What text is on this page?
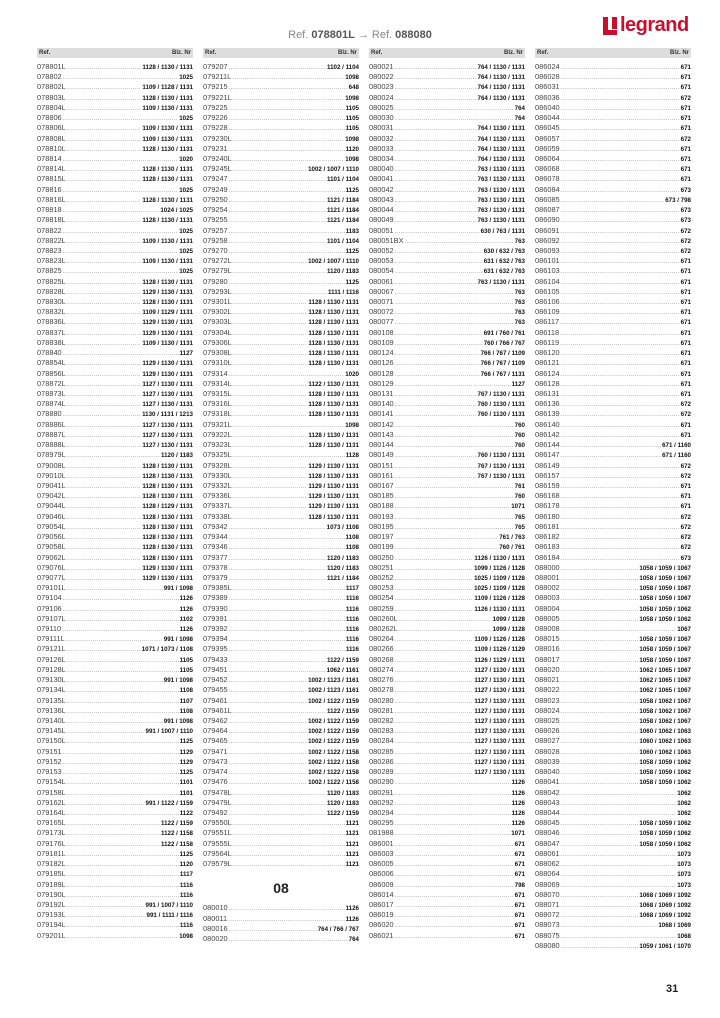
legrand
Ref. 078801L → Ref. 088080
Ref.	Blz. Nr
078801L .....	1128 / 1130 / 1131
078802 .....	1025
078802L .....	1109 / 1128 / 1131
078803L .....	1128 / 1130 / 1131
078804L .....	1109 / 1130 / 1131
078806 .....	1025
078806L .....	1109 / 1130 / 1131
078808L .....	1109 / 1130 / 1131
078810L .....	1128 / 1130 / 1131
078814 .....	1020
078814L .....	1128 / 1130 / 1131
078815L .....	1128 / 1130 / 1131
078816 .....	1025
078816L .....	1128 / 1130 / 1131
078818 .....	1024 / 1025
078818L .....	1128 / 1130 / 1131
078822 .....	1025
078822L .....	1109 / 1130 / 1131
078823 .....	1025
078823L .....	1109 / 1130 / 1131
078825 .....	1025
078825L .....	1128 / 1130 / 1131
078828L .....	1129 / 1130 / 1131
078830L .....	1128 / 1130 / 1131
078832L .....	1109 / 1129 / 1131
078836L .....	1129 / 1130 / 1131
078837L .....	1129 / 1130 / 1131
078838L .....	1109 / 1130 / 1131
078840 .....	1127
078854L .....	1129 / 1130 / 1131
078856L .....	1129 / 1130 / 1131
078872L .....	1127 / 1130 / 1131
078873L .....	1127 / 1130 / 1131
078874L .....	1127 / 1130 / 1131
078880 .....	1130 / 1131 / 1213
078886L .....	1127 / 1130 / 1131
078887L .....	1127 / 1130 / 1131
078888L .....	1127 / 1130 / 1131
078979L .....	1120 / 1183
079008L .....	1128 / 1130 / 1131
079010L .....	1128 / 1130 / 1131
079041L .....	1128 / 1130 / 1131
079042L .....	1128 / 1130 / 1131
079044L .....	1128 / 1129 / 1131
079046L .....	1128 / 1130 / 1131
079054L .....	1128 / 1130 / 1131
079056L .....	1128 / 1130 / 1131
079058L .....	1128 / 1130 / 1131
079062L .....	1128 / 1130 / 1131
079076L .....	1129 / 1130 / 1131
079077L .....	1129 / 1130 / 1131
079101L .....	991 / 1098
079104 .....	1126
079106 .....	1126
079107L .....	1102
079110 .....	1126
079111L .....	991 / 1098
079121L .....	1071 / 1073 / 1108
079126L .....	1105
079128L .....	1105
079130L .....	991 / 1098
079134L .....	1108
079135L .....	1107
079136L .....	1108
079140L .....	991 / 1098
079145L .....	991 / 1007 / 1110
079150L .....	1125
079151 .....	1129
079152 .....	1129
079153 .....	1125
079154L .....	1101
079158L .....	1101
079162L .....	991 / 1122 / 1159
079164L .....	1122
079165L .....	1122 / 1159
079173L .....	1122 / 1158
079176L .....	1122 / 1158
079181L .....	1125
079182L .....	1120
079185L .....	1117
079189L .....	1116
079190L .....	1116
079192L .....	991 / 1007 / 1110
079193L .....	991 / 1111 / 1116
079194L .....	1116
079201L .....	1098
Ref.	Blz. Nr
079207 .....	1102 / 1104
079211L .....	1098
079215 .....	648
079221L .....	1098
079225 .....	1105
079226 .....	1105
079228 .....	1105
079230L .....	1098
079231 .....	1120
079240L .....	1098
079245L .....	1002 / 1007 / 1110
079247 .....	1101 / 1104
079249 .....	1125
079250 .....	1121 / 1184
079254 .....	1121 / 1184
079255 .....	1121 / 1184
079257 .....	1183
079258 .....	1101 / 1104
079270 .....	1125
079272L .....	1002 / 1007 / 1110
079279L .....	1120 / 1183
079280 .....	1125
079293L .....	1111 / 1116
079301L .....	1128 / 1130 / 1131
079302L .....	1128 / 1130 / 1131
079303L .....	1128 / 1130 / 1131
079304L .....	1128 / 1130 / 1131
079306L .....	1128 / 1130 / 1131
079308L .....	1128 / 1130 / 1131
079310L .....	1128 / 1130 / 1131
079314 .....	1020
079314L .....	1122 / 1130 / 1131
079315L .....	1128 / 1130 / 1131
079316L .....	1128 / 1130 / 1131
079318L .....	1128 / 1130 / 1131
079321L .....	1098
079322L .....	1128 / 1130 / 1131
079323L .....	1128 / 1130 / 1131
079325L .....	1128
079328L .....	1129 / 1130 / 1131
079330L .....	1128 / 1130 / 1131
079332L .....	1129 / 1130 / 1131
079336L .....	1129 / 1130 / 1131
079337L .....	1129 / 1130 / 1131
079338L .....	1128 / 1130 / 1131
079342 .....	1073 / 1108
079344 .....	1108
079346 .....	1108
079377 .....	1120 / 1183
079378 .....	1120 / 1183
079379 .....	1121 / 1184
079385L .....	1117
079389 .....	1116
079390 .....	1116
079391 .....	1116
079392 .....	1116
079394 .....	1116
079395 .....	1116
079433 .....	1122 / 1159
079451 .....	1062 / 1161
079452 .....	1002 / 1123 / 1161
079455 .....	1002 / 1123 / 1161
079461 .....	1002 / 1122 / 1159
079461L .....	1122 / 1159
079462 .....	1002 / 1122 / 1159
079464 .....	1002 / 1122 / 1159
079465 .....	1002 / 1122 / 1159
079471 .....	1002 / 1122 / 1158
079473 .....	1002 / 1122 / 1158
079474 .....	1002 / 1122 / 1158
079476 .....	1002 / 1122 / 1158
079478L .....	1120 / 1183
079479L .....	1120 / 1183
079492 .....	1122 / 1159
079550L .....	1121
079551L .....	1121
079555L .....	1121
079564L .....	1121
079579L .....	1121
08
080010 .....	1126
080011 .....	1126
080016 .....	764 / 766 / 767
080020 .....	764
Ref.	Blz. Nr
080021 .....	764 / 1130 / 1131
080022 .....	764 / 1130 / 1131
080023 .....	764 / 1130 / 1131
080024 .....	764 / 1130 / 1131
080025 .....	764
080030 .....	764
080031 .....	764 / 1130 / 1131
080032 .....	764 / 1130 / 1131
080033 .....	764 / 1130 / 1131
080034 .....	764 / 1130 / 1131
080040 .....	763 / 1130 / 1131
080041 .....	763 / 1130 / 1131
080042 .....	763 / 1130 / 1131
080043 .....	763 / 1130 / 1131
080044 .....	763 / 1130 / 1131
080049 .....	763 / 1130 / 1131
080051 .....	630 / 763 / 1131
080051BX .....	763
080052 .....	630 / 632 / 763
080053 .....	631 / 632 / 763
080054 .....	631 / 632 / 763
080061 .....	763 / 1130 / 1131
080067 .....	763
080071 .....	763
080072 .....	763
080077 .....	763
080108 .....	691 / 760 / 761
080109 .....	760 / 766 / 767
080124 .....	766 / 767 / 1109
080126 .....	766 / 767 / 1109
080128 .....	766 / 767 / 1131
080129 .....	1127
080131 .....	767 / 1130 / 1131
080140 .....	760 / 1130 / 1131
080141 .....	760 / 1130 / 1131
080142 .....	760
080143 .....	760
080144 .....	760
080149 .....	760 / 1130 / 1131
080151 .....	767 / 1130 / 1131
080161 .....	767 / 1130 / 1131
080167 .....	761
080185 .....	760
080188 .....	1071
080193 .....	765
080195 .....	765
080197 .....	761 / 763
080199 .....	760 / 761
080250 .....	1126 / 1130 / 1131
080251 .....	1099 / 1126 / 1128
080252 .....	1025 / 1109 / 1128
080253 .....	1025 / 1109 / 1128
080254 .....	1109 / 1126 / 1128
080259 .....	1126 / 1130 / 1131
080260L .....	1099 / 1128
080262L .....	1099 / 1128
080264 .....	1109 / 1126 / 1128
080266 .....	1109 / 1126 / 1129
080268 .....	1126 / 1129 / 1131
080274 .....	1127 / 1130 / 1131
080276 .....	1127 / 1130 / 1131
080278 .....	1127 / 1130 / 1131
080280 .....	1127 / 1130 / 1131
080281 .....	1127 / 1130 / 1131
080282 .....	1127 / 1130 / 1131
080283 .....	1127 / 1130 / 1131
080284 .....	1127 / 1130 / 1131
080285 .....	1127 / 1130 / 1131
080286 .....	1127 / 1130 / 1131
080289 .....	1127 / 1130 / 1131
080290 .....	1126
080291 .....	1126
080292 .....	1126
080294 .....	1126
080295 .....	1126
081988 .....	1071
086001 .....	671
086003 .....	671
086005 .....	671
086006 .....	671
086009 .....	798
086014 .....	671
086017 .....	671
086019 .....	671
086020 .....	671
086021 .....	671
Ref.	Blz. Nr
086024 .....	671
086028 .....	671
086031 .....	671
086036 .....	672
086040 .....	671
086044 .....	671
086045 .....	671
086057 .....	672
086059 .....	671
086064 .....	671
086068 .....	671
086078 .....	671
086084 .....	673
086085 .....	673 / 798
086087 .....	673
086090 .....	673
086091 .....	672
086092 .....	672
086093 .....	672
086101 .....	671
086103 .....	671
086104 .....	671
086105 .....	671
086106 .....	671
086109 .....	671
086117 .....	671
086118 .....	671
086119 .....	671
086120 .....	671
086121 .....	671
086124 .....	671
086128 .....	671
086131 .....	671
086136 .....	672
086139 .....	672
086140 .....	671
086142 .....	671
086144 .....	671 / 1160
086147 .....	671 / 1160
086149 .....	672
086157 .....	672
086159 .....	671
086168 .....	671
086178 .....	671
086180 .....	672
086181 .....	672
086182 .....	672
086183 .....	672
086184 .....	673
088000 .....	1058 / 1059 / 1067
088001 .....	1058 / 1059 / 1067
088002 .....	1058 / 1059 / 1067
088003 .....	1058 / 1059 / 1067
088004 .....	1058 / 1059 / 1062
088005 .....	1058 / 1059 / 1062
088008 .....	1067
088015 .....	1058 / 1059 / 1067
088016 .....	1058 / 1059 / 1067
088017 .....	1058 / 1059 / 1067
088020 .....	1062 / 1065 / 1067
088021 .....	1062 / 1065 / 1067
088022 .....	1062 / 1065 / 1067
088023 .....	1058 / 1062 / 1067
088024 .....	1058 / 1062 / 1067
088025 .....	1058 / 1062 / 1067
088026 .....	1060 / 1062 / 1063
088027 .....	1060 / 1062 / 1063
088028 .....	1060 / 1062 / 1063
088039 .....	1058 / 1059 / 1062
088040 .....	1058 / 1059 / 1062
088041 .....	1058 / 1059 / 1062
088042 .....	1062
088043 .....	1062
088044 .....	1062
088045 .....	1058 / 1059 / 1062
088046 .....	1058 / 1059 / 1062
088047 .....	1058 / 1059 / 1062
088061 .....	1073
088062 .....	1073
088064 .....	1073
088069 .....	1073
088070 .....	1068 / 1069 / 1092
088071 .....	1068 / 1069 / 1092
088072 .....	1068 / 1069 / 1092
088073 .....	1068 / 1069
088075 .....	1068
088080 .....	1059 / 1061 / 1070
31
